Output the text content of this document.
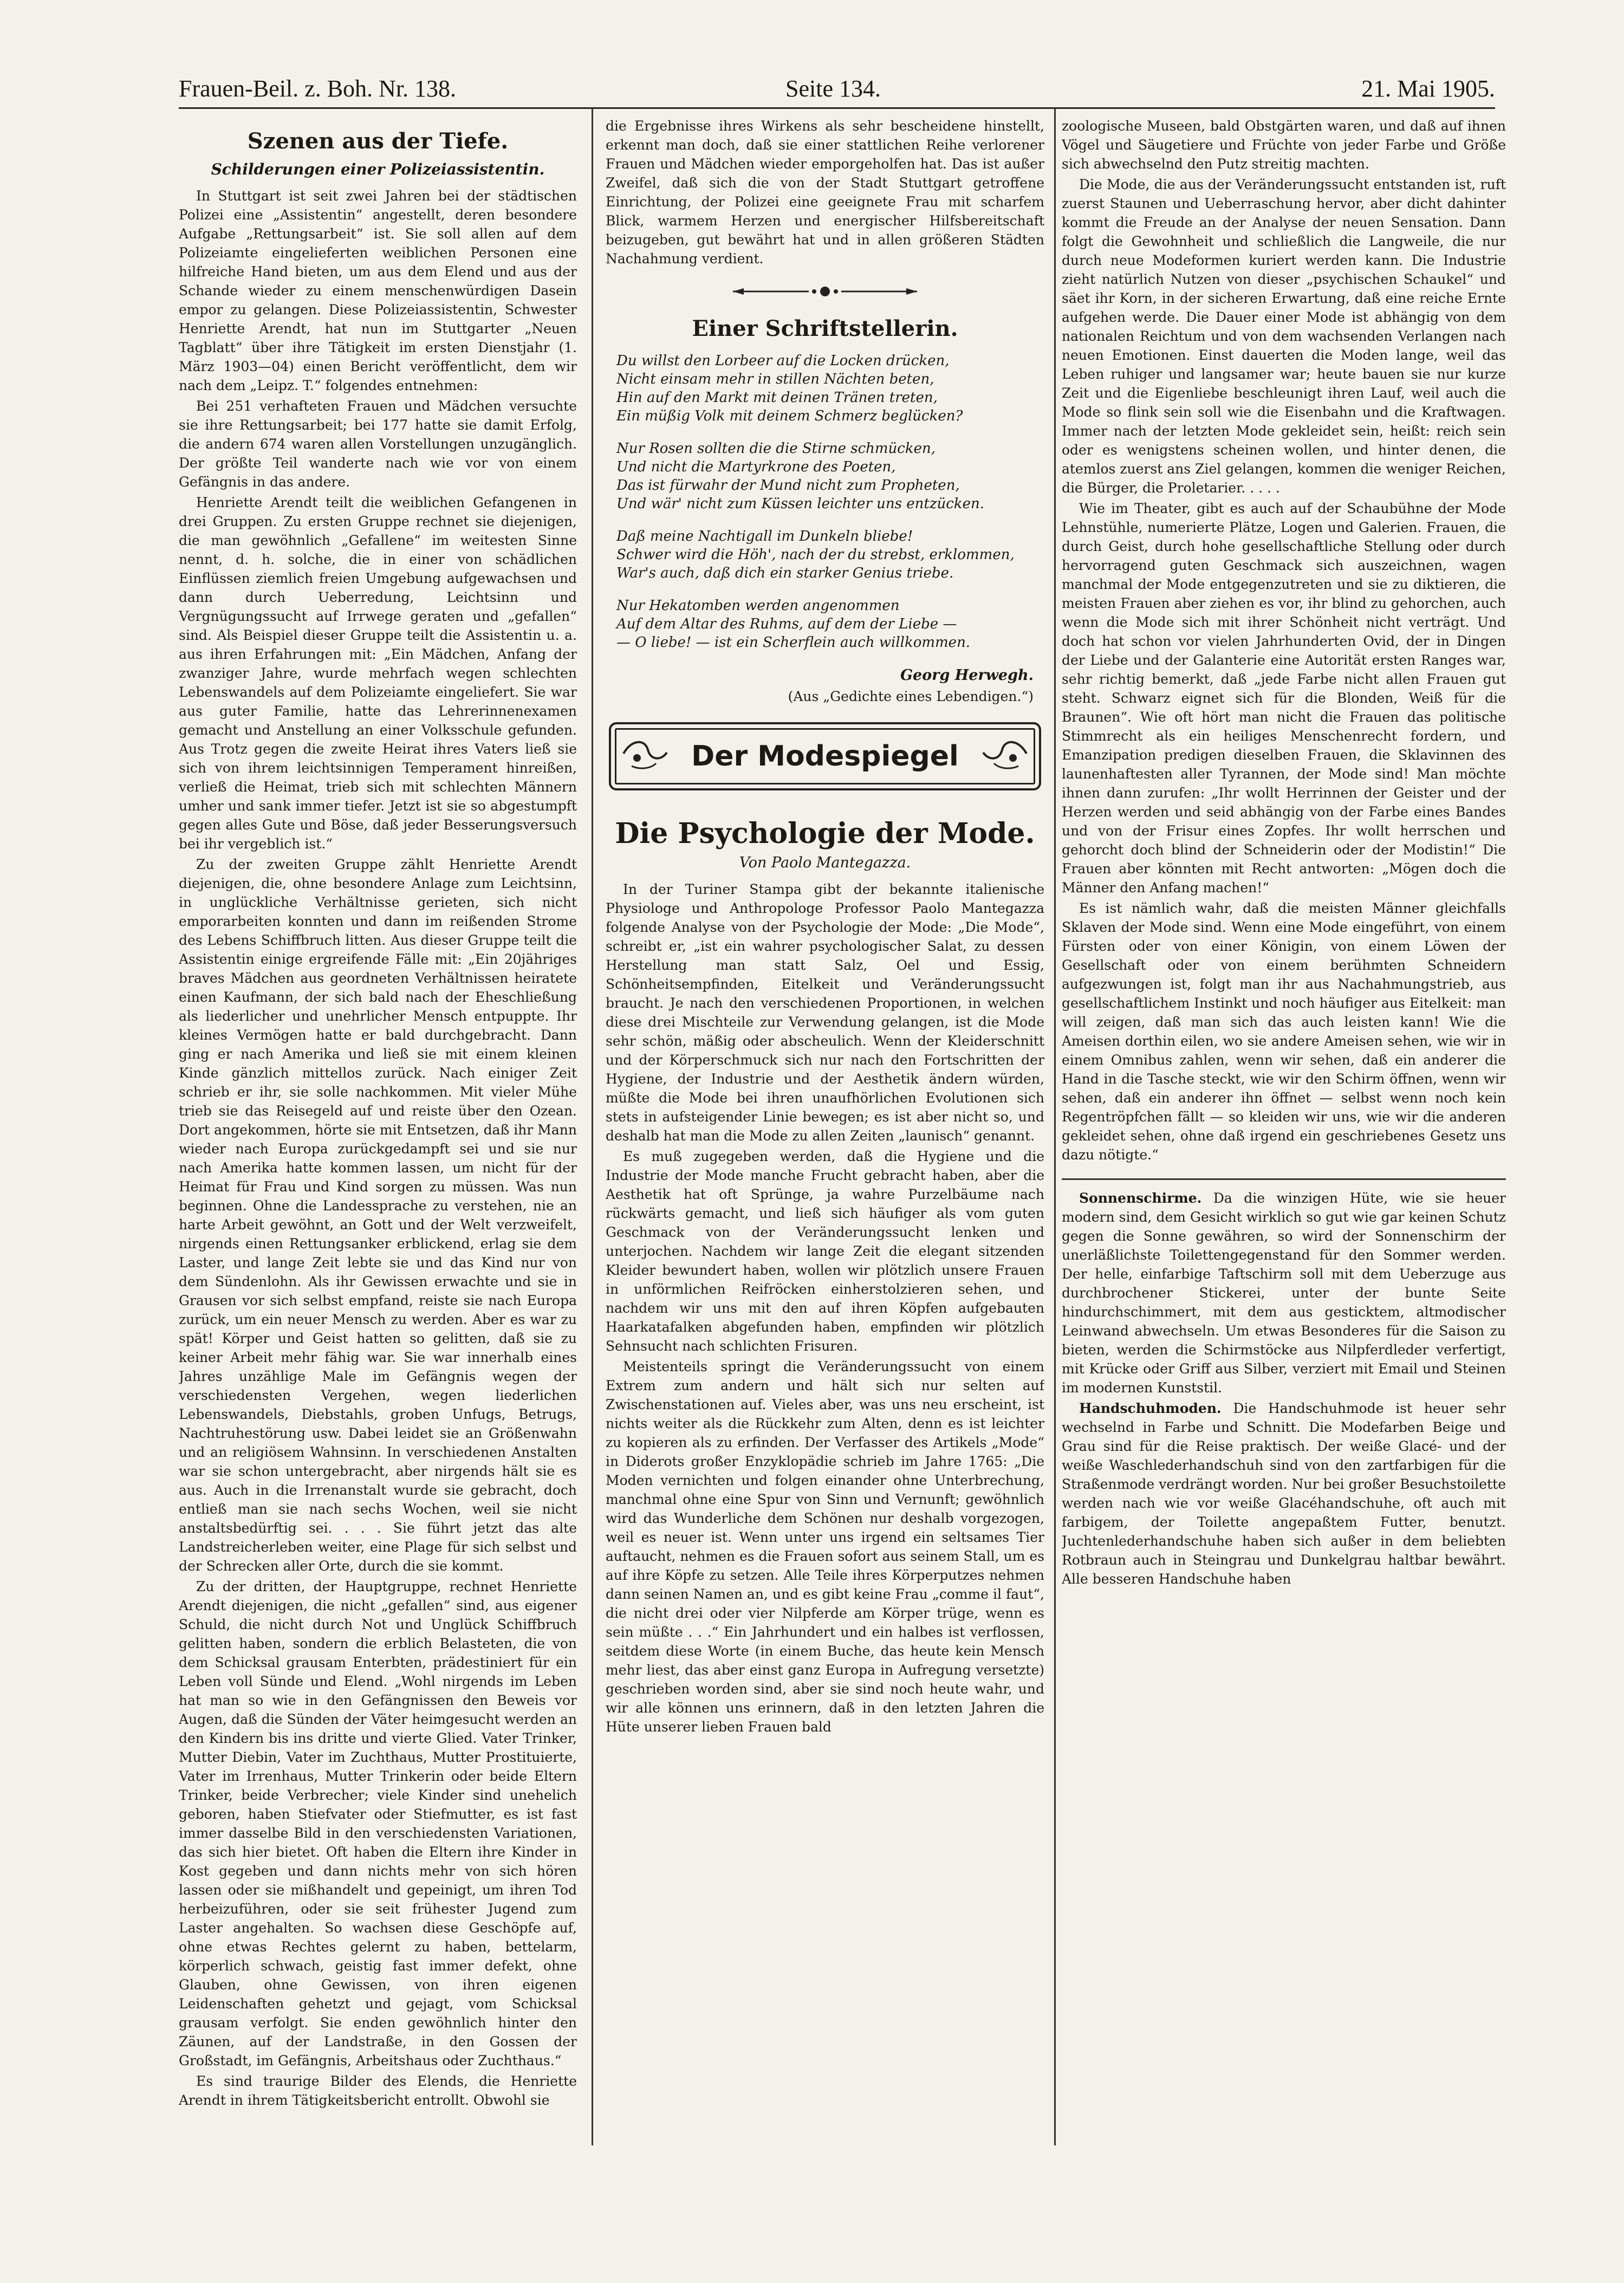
Frauen-Beil. z. Boh. Nr. 138.	Seite 134.	21. Mai 1905.
Szenen aus der Tiefe.
Schilderungen einer Polizeiassistentin.

In Stuttgart ist seit zwei Jahren bei der städtischen Polizei eine „Assistentin“ angestellt, deren besondere Aufgabe „Rettungsarbeit“ ist. Sie soll allen auf dem Polizeiamte eingelieferten weiblichen Personen eine hilfreiche Hand bieten, um aus dem Elend und aus der Schande wieder zu einem menschenwürdigen Dasein empor zu gelangen. Diese Polizeiassistentin, Schwester Henriette Arendt, hat nun im Stuttgarter „Neuen Tagblatt“ über ihre Tätigkeit im ersten Dienstjahr (1. März 1903—04) einen Bericht veröffentlicht, dem wir nach dem „Leipz. T.“ folgendes entnehmen:

Bei 251 verhafteten Frauen und Mädchen versuchte sie ihre Rettungsarbeit; bei 177 hatte sie damit Erfolg, die andern 674 waren allen Vorstellungen unzugänglich. Der größte Teil wanderte nach wie vor von einem Gefängnis in das andere.

Henriette Arendt teilt die weiblichen Gefangenen in drei Gruppen. Zu ersten Gruppe rechnet sie diejenigen, die man gewöhnlich „Gefallene“ im weitesten Sinne nennt, d. h. solche, die in einer von schädlichen Einflüssen ziemlich freien Umgebung aufgewachsen und dann durch Ueberredung, Leichtsinn und Vergnügungssucht auf Irrwege geraten und „gefallen“ sind. Als Beispiel dieser Gruppe teilt die Assistentin u. a. aus ihren Erfahrungen mit: „Ein Mädchen, Anfang der zwanziger Jahre, wurde mehrfach wegen schlechten Lebenswandels auf dem Polizeiamte eingeliefert. Sie war aus guter Familie, hatte das Lehrerinnenexamen gemacht und Anstellung an einer Volksschule gefunden. Aus Trotz gegen die zweite Heirat ihres Vaters ließ sie sich von ihrem leichtsinnigen Temperament hinreißen, verließ die Heimat, trieb sich mit schlechten Männern umher und sank immer tiefer. Jetzt ist sie so abgestumpft gegen alles Gute und Böse, daß jeder Besserungsversuch bei ihr vergeblich ist.“

Zu der zweiten Gruppe zählt Henriette Arendt diejenigen, die, ohne besondere Anlage zum Leichtsinn, in unglückliche Verhältnisse gerieten, sich nicht emporarbeiten konnten und dann im reißenden Strome des Lebens Schiffbruch litten. Aus dieser Gruppe teilt die Assistentin einige ergreifende Fälle mit: „Ein 20jähriges braves Mädchen aus geordneten Verhältnissen heiratete einen Kaufmann, der sich bald nach der Eheschließung als liederlicher und unehrlicher Mensch entpuppte. Ihr kleines Vermögen hatte er bald durchgebracht. Dann ging er nach Amerika und ließ sie mit einem kleinen Kinde gänzlich mittellos zurück. Nach einiger Zeit schrieb er ihr, sie solle nachkommen. Mit vieler Mühe trieb sie das Reisegeld auf und reiste über den Ozean. Dort angekommen, hörte sie mit Entsetzen, daß ihr Mann wieder nach Europa zurückgedampft sei und sie nur nach Amerika hatte kommen lassen, um nicht für der Heimat für Frau und Kind sorgen zu müssen. Was nun beginnen. Ohne die Landessprache zu verstehen, nie an harte Arbeit gewöhnt, an Gott und der Welt verzweifelt, nirgends einen Rettungsanker erblickend, erlag sie dem Laster, und lange Zeit lebte sie und das Kind nur von dem Sündenlohn. Als ihr Gewissen erwachte und sie in Grausen vor sich selbst empfand, reiste sie nach Europa zurück, um ein neuer Mensch zu werden. Aber es war zu spät! Körper und Geist hatten so gelitten, daß sie zu keiner Arbeit mehr fähig war. Sie war innerhalb eines Jahres unzählige Male im Gefängnis wegen der verschiedensten Vergehen, wegen liederlichen Lebenswandels, Diebstahls, groben Unfugs, Betrugs, Nachtruhestörung usw. Dabei leidet sie an Größenwahn und an religiösem Wahnsinn. In verschiedenen Anstalten war sie schon untergebracht, aber nirgends hält sie es aus. Auch in die Irrenanstalt wurde sie gebracht, doch entließ man sie nach sechs Wochen, weil sie nicht anstaltsbedürftig sei. . . . Sie führt jetzt das alte Landstreicherleben weiter, eine Plage für sich selbst und der Schrecken aller Orte, durch die sie kommt.

Zu der dritten, der Hauptgruppe, rechnet Henriette Arendt diejenigen, die nicht „gefallen“ sind, aus eigener Schuld, die nicht durch Not und Unglück Schiffbruch gelitten haben, sondern die erblich Belasteten, die von dem Schicksal grausam Enterbten, prädestiniert für ein Leben voll Sünde und Elend. „Wohl nirgends im Leben hat man so wie in den Gefängnissen den Beweis vor Augen, daß die Sünden der Väter heimgesucht werden an den Kindern bis ins dritte und vierte Glied. Vater Trinker, Mutter Diebin, Vater im Zuchthaus, Mutter Prostituierte, Vater im Irrenhaus, Mutter Trinkerin oder beide Eltern Trinker, beide Verbrecher; viele Kinder sind unehelich geboren, haben Stiefvater oder Stiefmutter, es ist fast immer dasselbe Bild in den verschiedensten Variationen, das sich hier bietet. Oft haben die Eltern ihre Kinder in Kost gegeben und dann nichts mehr von sich hören lassen oder sie mißhandelt und gepeinigt, um ihren Tod herbeizuführen, oder sie seit frühester Jugend zum Laster angehalten. So wachsen diese Geschöpfe auf, ohne etwas Rechtes gelernt zu haben, bettelarm, körperlich schwach, geistig fast immer defekt, ohne Glauben, ohne Gewissen, von ihren eigenen Leidenschaften gehetzt und gejagt, vom Schicksal grausam verfolgt. Sie enden gewöhnlich hinter den Zäunen, auf der Landstraße, in den Gossen der Großstadt, im Gefängnis, Arbeitshaus oder Zuchthaus.“

Es sind traurige Bilder des Elends, die Henriette Arendt in ihrem Tätigkeitsbericht entrollt. Obwohl sie

die Ergebnisse ihres Wirkens als sehr bescheidene hinstellt, erkennt man doch, daß sie einer stattlichen Reihe verlorener Frauen und Mädchen wieder emporgeholfen hat. Das ist außer Zweifel, daß sich die von der Stadt Stuttgart getroffene Einrichtung, der Polizei eine geeignete Frau mit scharfem Blick, warmem Herzen und energischer Hilfsbereitschaft beizugeben, gut bewährt hat und in allen größeren Städten Nachahmung verdient.

Einer Schriftstellerin.
Du willst den Lorbeer auf die Locken drücken,
Nicht einsam mehr in stillen Nächten beten,
Hin auf den Markt mit deinen Tränen treten,
Ein müßig Volk mit deinem Schmerz beglücken?
Nur Rosen sollten die die Stirne schmücken,
Und nicht die Martyrkrone des Poeten,
Das ist fürwahr der Mund nicht zum Propheten,
Und wär' nicht zum Küssen leichter uns entzücken.
Daß meine Nachtigall im Dunkeln bliebe!
Schwer wird die Höh', nach der du strebst, erklommen,
War's auch, daß dich ein starker Genius triebe.
Nur Hekatomben werden angenommen
Auf dem Altar des Ruhms, auf dem der Liebe —
— O liebe! — ist ein Scherflein auch willkommen.
Georg Herwegh.
(Aus „Gedichte eines Lebendigen.“)
Der Modespiegel
Die Psychologie der Mode.
Von Paolo Mantegazza.

In der Turiner Stampa gibt der bekannte italienische Physiologe und Anthropologe Professor Paolo Mantegazza folgende Analyse von der Psychologie der Mode: „Die Mode“, schreibt er, „ist ein wahrer psychologischer Salat, zu dessen Herstellung man statt Salz, Oel und Essig, Schönheitsempfinden, Eitelkeit und Veränderungssucht braucht. Je nach den verschiedenen Proportionen, in welchen diese drei Mischteile zur Verwendung gelangen, ist die Mode sehr schön, mäßig oder abscheulich. Wenn der Kleiderschnitt und der Körperschmuck sich nur nach den Fortschritten der Hygiene, der Industrie und der Aesthetik ändern würden, müßte die Mode bei ihren unaufhörlichen Evolutionen sich stets in aufsteigender Linie bewegen; es ist aber nicht so, und deshalb hat man die Mode zu allen Zeiten „launisch“ genannt.

Es muß zugegeben werden, daß die Hygiene und die Industrie der Mode manche Frucht gebracht haben, aber die Aesthetik hat oft Sprünge, ja wahre Purzelbäume nach rückwärts gemacht, und ließ sich häufiger als vom guten Geschmack von der Veränderungssucht lenken und unterjochen. Nachdem wir lange Zeit die elegant sitzenden Kleider bewundert haben, wollen wir plötzlich unsere Frauen in unförmlichen Reifröcken einherstolzieren sehen, und nachdem wir uns mit den auf ihren Köpfen aufgebauten Haarkatafalken abgefunden haben, empfinden wir plötzlich Sehnsucht nach schlichten Frisuren.

Meistenteils springt die Veränderungssucht von einem Extrem zum andern und hält sich nur selten auf Zwischenstationen auf. Vieles aber, was uns neu erscheint, ist nichts weiter als die Rückkehr zum Alten, denn es ist leichter zu kopieren als zu erfinden. Der Verfasser des Artikels „Mode“ in Diderots großer Enzyklopädie schrieb im Jahre 1765: „Die Moden vernichten und folgen einander ohne Unterbrechung, manchmal ohne eine Spur von Sinn und Vernunft; gewöhnlich wird das Wunderliche dem Schönen nur deshalb vorgezogen, weil es neuer ist. Wenn unter uns irgend ein seltsames Tier auftaucht, nehmen es die Frauen sofort aus seinem Stall, um es auf ihre Köpfe zu setzen. Alle Teile ihres Körperputzes nehmen dann seinen Namen an, und es gibt keine Frau „comme il faut“, die nicht drei oder vier Nilpferde am Körper trüge, wenn es sein müßte . . .“ Ein Jahrhundert und ein halbes ist verflossen, seitdem diese Worte (in einem Buche, das heute kein Mensch mehr liest, das aber einst ganz Europa in Aufregung versetzte) geschrieben worden sind, aber sie sind noch heute wahr, und wir alle können uns erinnern, daß in den letzten Jahren die Hüte unserer lieben Frauen bald

zoologische Museen, bald Obstgärten waren, und daß auf ihnen Vögel und Säugetiere und Früchte von jeder Farbe und Größe sich abwechselnd den Putz streitig machten.

Die Mode, die aus der Veränderungssucht entstanden ist, ruft zuerst Staunen und Ueberraschung hervor, aber dicht dahinter kommt die Freude an der Analyse der neuen Sensation. Dann folgt die Gewohnheit und schließlich die Langweile, die nur durch neue Modeformen kuriert werden kann. Die Industrie zieht natürlich Nutzen von dieser „psychischen Schaukel“ und säet ihr Korn, in der sicheren Erwartung, daß eine reiche Ernte aufgehen werde. Die Dauer einer Mode ist abhängig von dem nationalen Reichtum und von dem wachsenden Verlangen nach neuen Emotionen. Einst dauerten die Moden lange, weil das Leben ruhiger und langsamer war; heute bauen sie nur kurze Zeit und die Eigenliebe beschleunigt ihren Lauf, weil auch die Mode so flink sein soll wie die Eisenbahn und die Kraftwagen. Immer nach der letzten Mode gekleidet sein, heißt: reich sein oder es wenigstens scheinen wollen, und hinter denen, die atemlos zuerst ans Ziel gelangen, kommen die weniger Reichen, die Bürger, die Proletarier. . . . .

Wie im Theater, gibt es auch auf der Schaubühne der Mode Lehnstühle, numerierte Plätze, Logen und Galerien. Frauen, die durch Geist, durch hohe gesellschaftliche Stellung oder durch hervorragend guten Geschmack sich auszeichnen, wagen manchmal der Mode entgegenzutreten und sie zu diktieren, die meisten Frauen aber ziehen es vor, ihr blind zu gehorchen, auch wenn die Mode sich mit ihrer Schönheit nicht verträgt. Und doch hat schon vor vielen Jahrhunderten Ovid, der in Dingen der Liebe und der Galanterie eine Autorität ersten Ranges war, sehr richtig bemerkt, daß „jede Farbe nicht allen Frauen gut steht. Schwarz eignet sich für die Blonden, Weiß für die Braunen“. Wie oft hört man nicht die Frauen das politische Stimmrecht als ein heiliges Menschenrecht fordern, und Emanzipation predigen dieselben Frauen, die Sklavinnen des launenhaftesten aller Tyrannen, der Mode sind! Man möchte ihnen dann zurufen: „Ihr wollt Herrinnen der Geister und der Herzen werden und seid abhängig von der Farbe eines Bandes und von der Frisur eines Zopfes. Ihr wollt herrschen und gehorcht doch blind der Schneiderin oder der Modistin!“ Die Frauen aber könnten mit Recht antworten: „Mögen doch die Männer den Anfang machen!“

Es ist nämlich wahr, daß die meisten Männer gleichfalls Sklaven der Mode sind. Wenn eine Mode eingeführt, von einem Fürsten oder von einer Königin, von einem Löwen der Gesellschaft oder von einem berühmten Schneidern aufgezwungen ist, folgt man ihr aus Nachahmungstrieb, aus gesellschaftlichem Instinkt und noch häufiger aus Eitelkeit: man will zeigen, daß man sich das auch leisten kann! Wie die Ameisen dorthin eilen, wo sie andere Ameisen sehen, wie wir in einem Omnibus zahlen, wenn wir sehen, daß ein anderer die Hand in die Tasche steckt, wie wir den Schirm öffnen, wenn wir sehen, daß ein anderer ihn öffnet — selbst wenn noch kein Regentröpfchen fällt — so kleiden wir uns, wie wir die anderen gekleidet sehen, ohne daß irgend ein geschriebenes Gesetz uns dazu nötigte.“

Sonnenschirme. Da die winzigen Hüte, wie sie heuer modern sind, dem Gesicht wirklich so gut wie gar keinen Schutz gegen die Sonne gewähren, so wird der Sonnenschirm der unerläßlichste Toilettengegenstand für den Sommer werden. Der helle, einfarbige Taftschirm soll mit dem Ueberzuge aus durchbrochener Stickerei, unter der bunte Seite hindurchschimmert, mit dem aus gesticktem, altmodischer Leinwand abwechseln. Um etwas Besonderes für die Saison zu bieten, werden die Schirmstöcke aus Nilpferdleder verfertigt, mit Krücke oder Griff aus Silber, verziert mit Email und Steinen im modernen Kunststil.

Handschuhmoden. Die Handschuhmode ist heuer sehr wechselnd in Farbe und Schnitt. Die Modefarben Beige und Grau sind für die Reise praktisch. Der weiße Glacé- und der weiße Waschlederhandschuh sind von den zartfarbigen für die Straßenmode verdrängt worden. Nur bei großer Besuchstoilette werden nach wie vor weiße Glacéhandschuhe, oft auch mit farbigem, der Toilette angepaßtem Futter, benutzt. Juchtenlederhandschuhe haben sich außer in dem beliebten Rotbraun auch in Steingrau und Dunkelgrau haltbar bewährt. Alle besseren Handschuhe haben
